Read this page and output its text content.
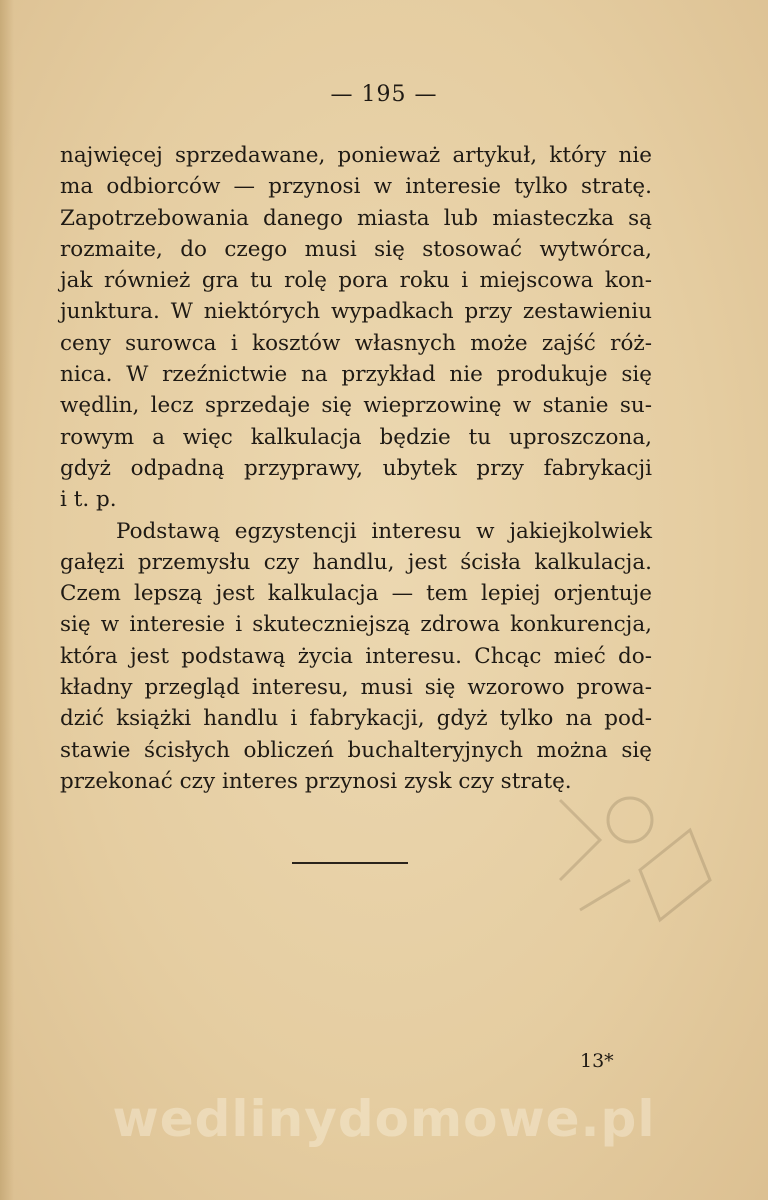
— 195 —
najwięcej sprzedawane, ponieważ artykuł, który nie
ma odbiorców — przynosi w interesie tylko stratę.
Zapotrzebowania danego miasta lub miasteczka są
rozmaite, do czego musi się stosować wytwórca,
jak również gra tu rolę pora roku i miejscowa kon-
junktura. W niektórych wypadkach przy zestawieniu
ceny surowca i kosztów własnych może zajść róż-
nica. W rzeźnictwie na przykład nie produkuje się
wędlin, lecz sprzedaje się wieprzowinę w stanie su-
rowym a więc kalkulacja będzie tu uproszczona,
gdyż odpadną przyprawy, ubytek przy fabrykacji
i t. p.
Podstawą egzystencji interesu w jakiejkolwiek
gałęzi przemysłu czy handlu, jest ścisła kalkulacja.
Czem lepszą jest kalkulacja — tem lepiej orjentuje
się w interesie i skuteczniejszą zdrowa konkurencja,
która jest podstawą życia interesu. Chcąc mieć do-
kładny przegląd interesu, musi się wzorowo prowa-
dzić książki handlu i fabrykacji, gdyż tylko na pod-
stawie ścisłych obliczeń buchalteryjnych można się
przekonać czy interes przynosi zysk czy stratę.
13*
wedlinydomowe.pl
